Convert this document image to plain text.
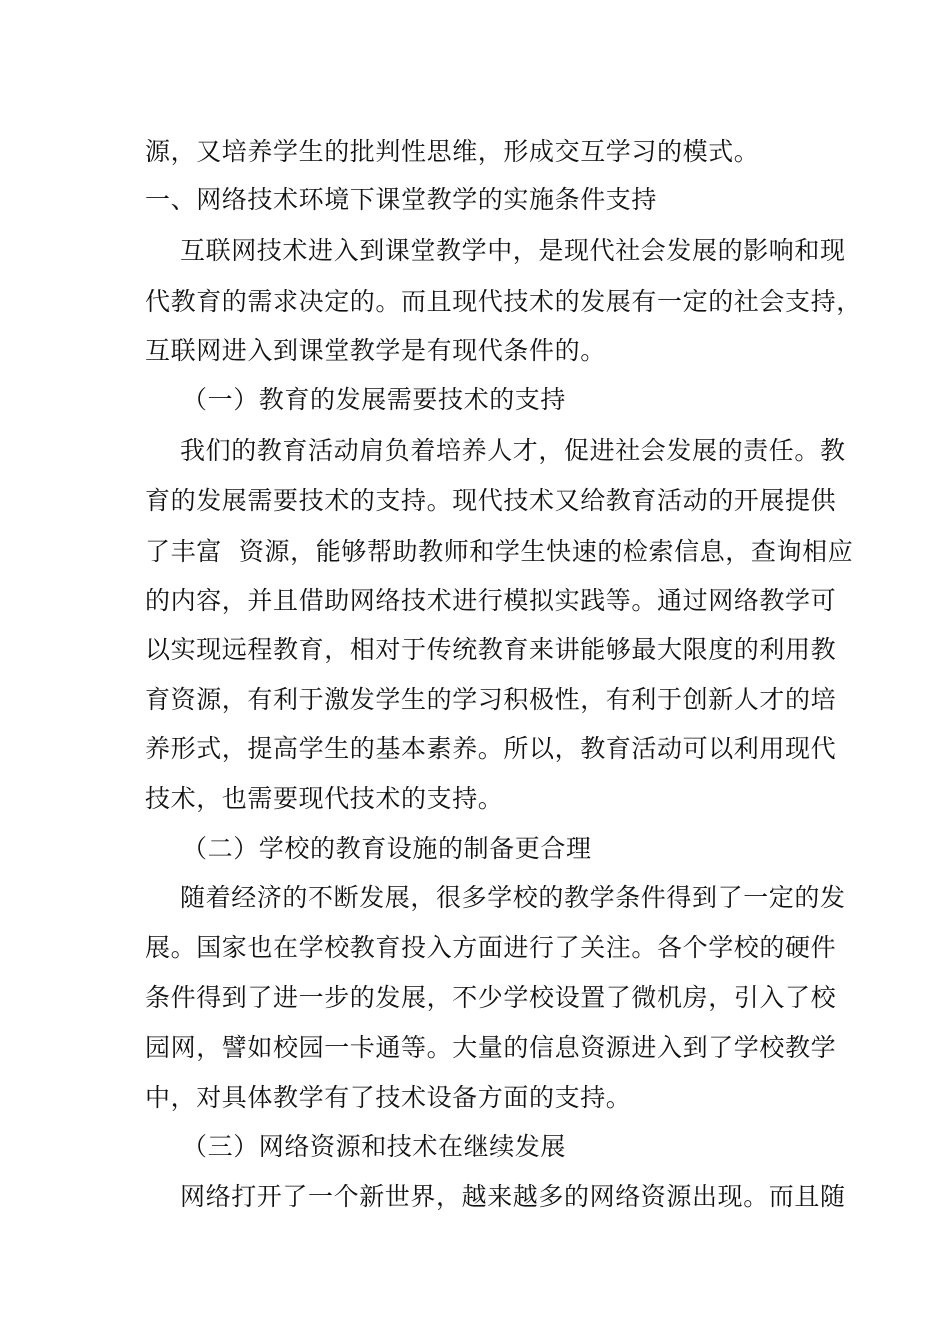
源，又培养学生的批判性思维，形成交互学习的模式。
一、网络技术环境下课堂教学的实施条件支持
互联网技术进入到课堂教学中，是现代社会发展的影响和现
代教育的需求决定的。而且现代技术的发展有一定的社会支持，
互联网进入到课堂教学是有现代条件的。
（一）教育的发展需要技术的支持
我们的教育活动肩负着培养人才，促进社会发展的责任。教
育的发展需要技术的支持。现代技术又给教育活动的开展提供
了丰富  资源，能够帮助教师和学生快速的检索信息，查询相应
的内容，并且借助网络技术进行模拟实践等。通过网络教学可
以实现远程教育，相对于传统教育来讲能够最大限度的利用教
育资源，有利于激发学生的学习积极性，有利于创新人才的培
养形式，提高学生的基本素养。所以，教育活动可以利用现代
技术，也需要现代技术的支持。
（二）学校的教育设施的制备更合理
随着经济的不断发展，很多学校的教学条件得到了一定的发
展。国家也在学校教育投入方面进行了关注。各个学校的硬件
条件得到了进一步的发展，不少学校设置了微机房，引入了校
园网，譬如校园一卡通等。大量的信息资源进入到了学校教学
中，对具体教学有了技术设备方面的支持。
（三）网络资源和技术在继续发展
网络打开了一个新世界，越来越多的网络资源出现。而且随
